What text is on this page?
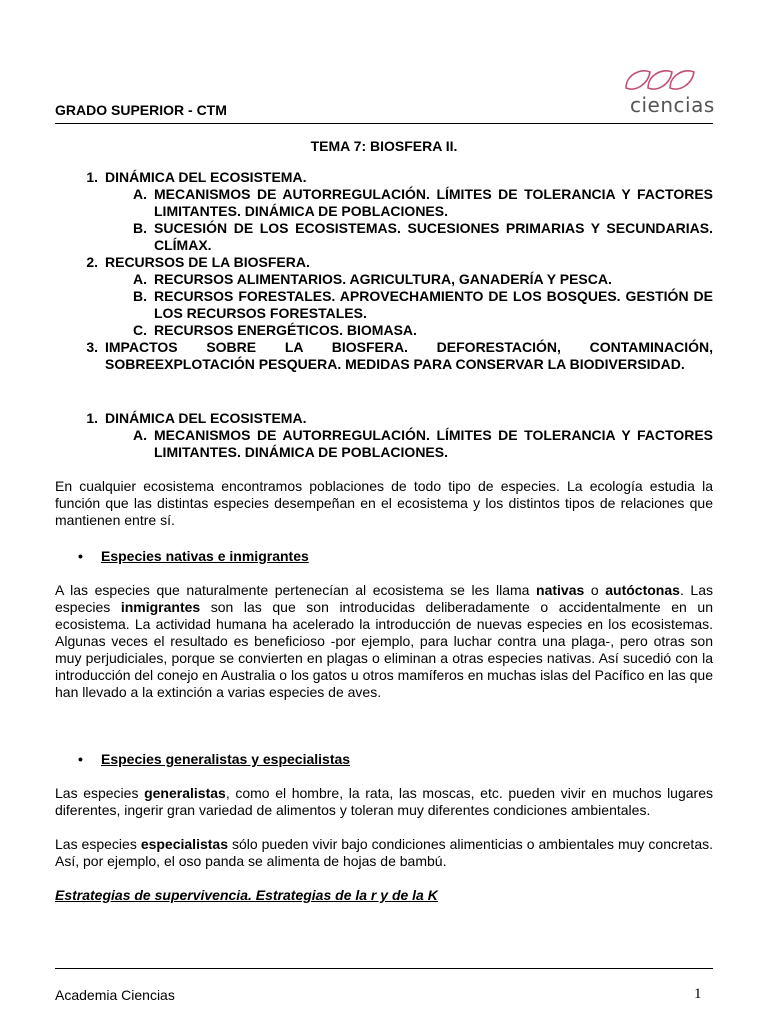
GRADO SUPERIOR - CTM	ciencias
TEMA 7: BIOSFERA II.
1. DINÁMICA DEL ECOSISTEMA.
A. MECANISMOS DE AUTORREGULACIÓN. LÍMITES DE TOLERANCIA Y FACTORES LIMITANTES. DINÁMICA DE POBLACIONES.
B. SUCESIÓN DE LOS ECOSISTEMAS. SUCESIONES PRIMARIAS Y SECUNDARIAS. CLÍMAX.
2. RECURSOS DE LA BIOSFERA.
A. RECURSOS ALIMENTARIOS. AGRICULTURA, GANADERÍA Y PESCA.
B. RECURSOS FORESTALES. APROVECHAMIENTO DE LOS BOSQUES. GESTIÓN DE LOS RECURSOS FORESTALES.
C. RECURSOS ENERGÉTICOS. BIOMASA.
3. IMPACTOS SOBRE LA BIOSFERA. DEFORESTACIÓN, CONTAMINACIÓN, SOBREEXPLOTACIÓN PESQUERA. MEDIDAS PARA CONSERVAR LA BIODIVERSIDAD.
1. DINÁMICA DEL ECOSISTEMA.
A. MECANISMOS DE AUTORREGULACIÓN. LÍMITES DE TOLERANCIA Y FACTORES LIMITANTES. DINÁMICA DE POBLACIONES.

En cualquier ecosistema encontramos poblaciones de todo tipo de especies. La ecología estudia la función que las distintas especies desempeñan en el ecosistema y los distintos tipos de relaciones que mantienen entre sí.

•	Especies nativas e inmigrantes

A las especies que naturalmente pertenecían al ecosistema se les llama nativas o autóctonas. Las especies inmigrantes son las que son introducidas deliberadamente o accidentalmente en un ecosistema. La actividad humana ha acelerado la introducción de nuevas especies en los ecosistemas. Algunas veces el resultado es beneficioso -por ejemplo, para luchar contra una plaga-, pero otras son muy perjudiciales, porque se convierten en plagas o eliminan a otras especies nativas. Así sucedió con la introducción del conejo en Australia o los gatos u otros mamíferos en muchas islas del Pacífico en las que han llevado a la extinción a varias especies de aves.

•	Especies generalistas y especialistas

Las especies generalistas, como el hombre, la rata, las moscas, etc. pueden vivir en muchos lugares diferentes, ingerir gran variedad de alimentos y toleran muy diferentes condiciones ambientales.

Las especies especialistas sólo pueden vivir bajo condiciones alimenticias o ambientales muy concretas. Así, por ejemplo, el oso panda se alimenta de hojas de bambú.

Estrategias de supervivencia. Estrategias de la r y de la K
Academia Ciencias	1
